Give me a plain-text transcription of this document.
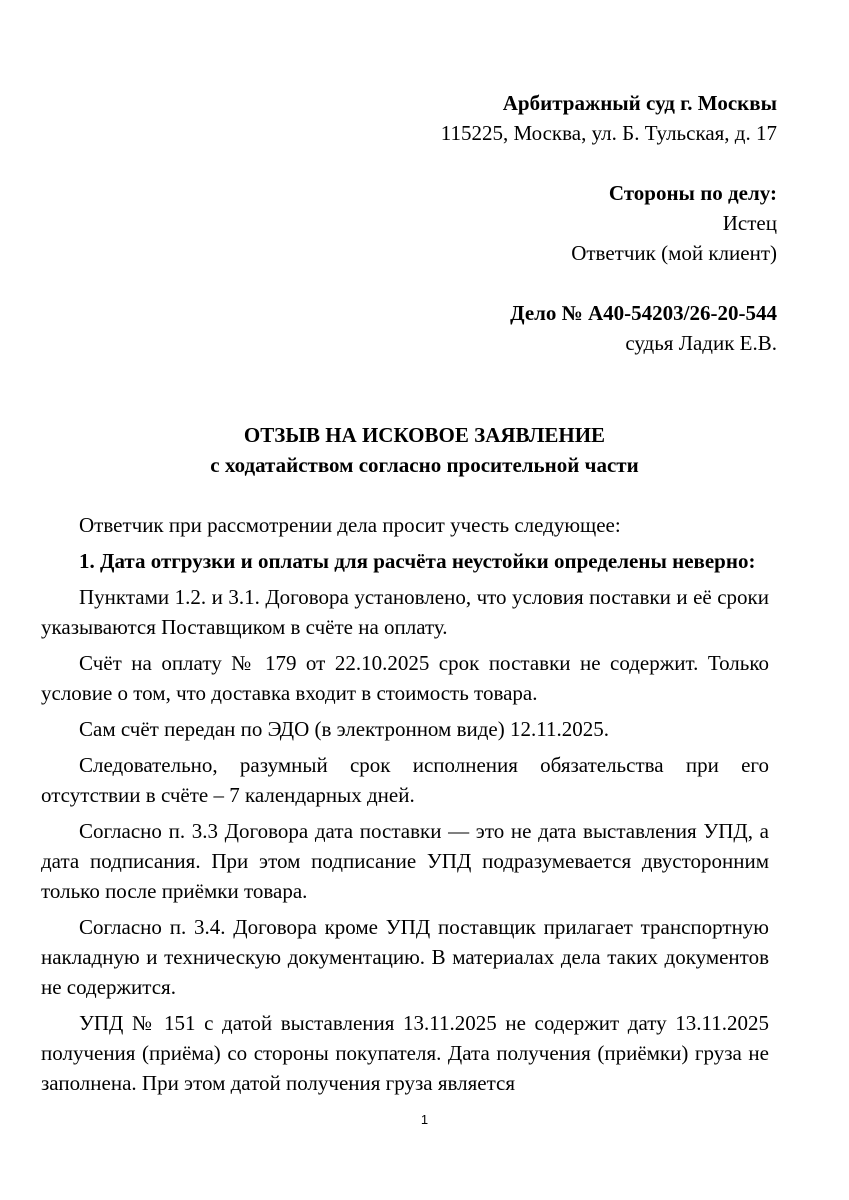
Арбитражный суд г. Москвы
115225, Москва, ул. Б. Тульская, д. 17
Стороны по делу:
Истец
Ответчик (мой клиент)
Дело № А40-54203/26-20-544
судья Ладик Е.В.
ОТЗЫВ НА ИСКОВОЕ ЗАЯВЛЕНИЕ
с ходатайством согласно просительной части

Ответчик при рассмотрении дела просит учесть следующее:

1. Дата отгрузки и оплаты для расчёта неустойки определены неверно:

Пунктами 1.2. и 3.1. Договора установлено, что условия поставки и её сроки указываются Поставщиком в счёте на оплату.

Счёт на оплату № 179 от 22.10.2025 срок поставки не содержит. Только условие о том, что доставка входит в стоимость товара.

Сам счёт передан по ЭДО (в электронном виде) 12.11.2025.

Следовательно, разумный срок исполнения обязательства при его отсутствии в счёте – 7 календарных дней.

Согласно п. 3.3 Договора дата поставки — это не дата выставления УПД, а дата подписания. При этом подписание УПД подразумевается двусторонним только после приёмки товара.

Согласно п. 3.4. Договора кроме УПД поставщик прилагает транспортную накладную и техническую документацию. В материалах дела таких документов не содержится.

УПД № 151 с датой выставления 13.11.2025 не содержит дату 13.11.2025 получения (приёма) со стороны покупателя. Дата получения (приёмки) груза не заполнена. При этом датой получения груза является

1
